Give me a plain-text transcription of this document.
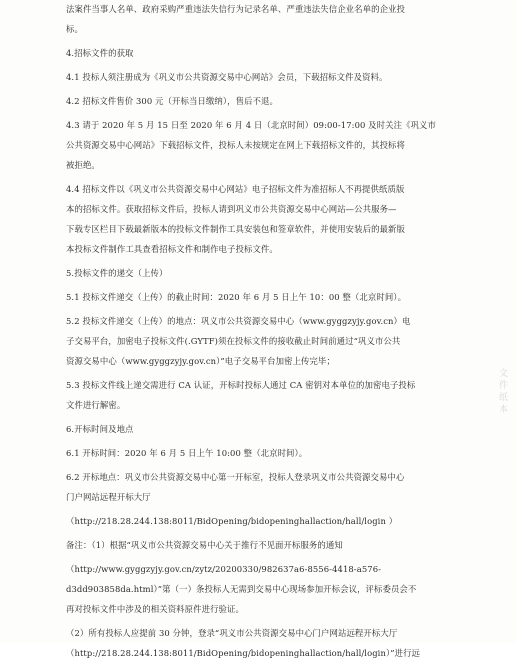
法案件当事人名单、政府采购严重违法失信行为记录名单、严重违法失信企业名单的企业投
标。
4.招标文件的获取
4.1 投标人须注册成为《巩义市公共资源交易中心网站》会员，下载招标文件及资料。
4.2 招标文件售价 300 元（开标当日缴纳），售后不退。
4.3 请于 2020 年 5 月 15 日至 2020 年 6 月 4 日（北京时间）09:00-17:00 及时关注《巩义市
公共资源交易中心网站》下载招标文件，投标人未按规定在网上下载招标文件的，其投标将
被拒绝。
4.4 招标文件以《巩义市公共资源交易中心网站》电子招标文件为准招标人不再提供纸质版
本的招标文件。获取招标文件后，投标人请到巩义市公共资源交易中心网站—公共服务—
下载专区栏目下载最新版本的投标文件制作工具安装包和签章软件，并使用安装后的最新版
本投标文件制作工具查看招标文件和制作电子投标文件。
5.投标文件的递交（上传）
5.1 投标文件递交（上传）的截止时间：2020 年 6 月 5 日上午 10：00 整（北京时间）。
5.2 投标文件递交（上传）的地点：巩义市公共资源交易中心（www.gyggzyjy.gov.cn）电
子交易平台，加密电子投标文件(.GYTF)须在投标文件的接收截止时间前通过“巩义市公共
资源交易中心（www.gyggzyjy.gov.cn）”电子交易平台加密上传完毕；
5.3 投标文件线上递交需进行 CA 认证，开标时投标人通过 CA 密钥对本单位的加密电子投标
文件进行解密。
6.开标时间及地点
6.1 开标时间：2020 年 6 月 5 日上午 10:00 整（北京时间）。
6.2 开标地点：巩义市公共资源交易中心第一开标室，投标人登录巩义市公共资源交易中心
门户网站远程开标大厅
（http://218.28.244.138:8011/BidOpening/bidopeninghallaction/hall/login ）
备注：（1）根据“巩义市公共资源交易中心关于推行不见面开标服务的通知
（http://www.gyggzyjy.gov.cn/zytz/20200330/982637a6-8556-4418-a576-
d3dd903858da.html）”第（一）条投标人无需到交易中心现场参加开标会议，评标委员会不
再对投标文件中涉及的相关资料原件进行验证。
（2）所有投标人应提前 30 分钟，登录“巩义市公共资源交易中心门户网站远程开标大厅
（http://218.28.244.138:8011/BidOpening/bidopeninghallaction/hall/login）”进行远
文件纸本
